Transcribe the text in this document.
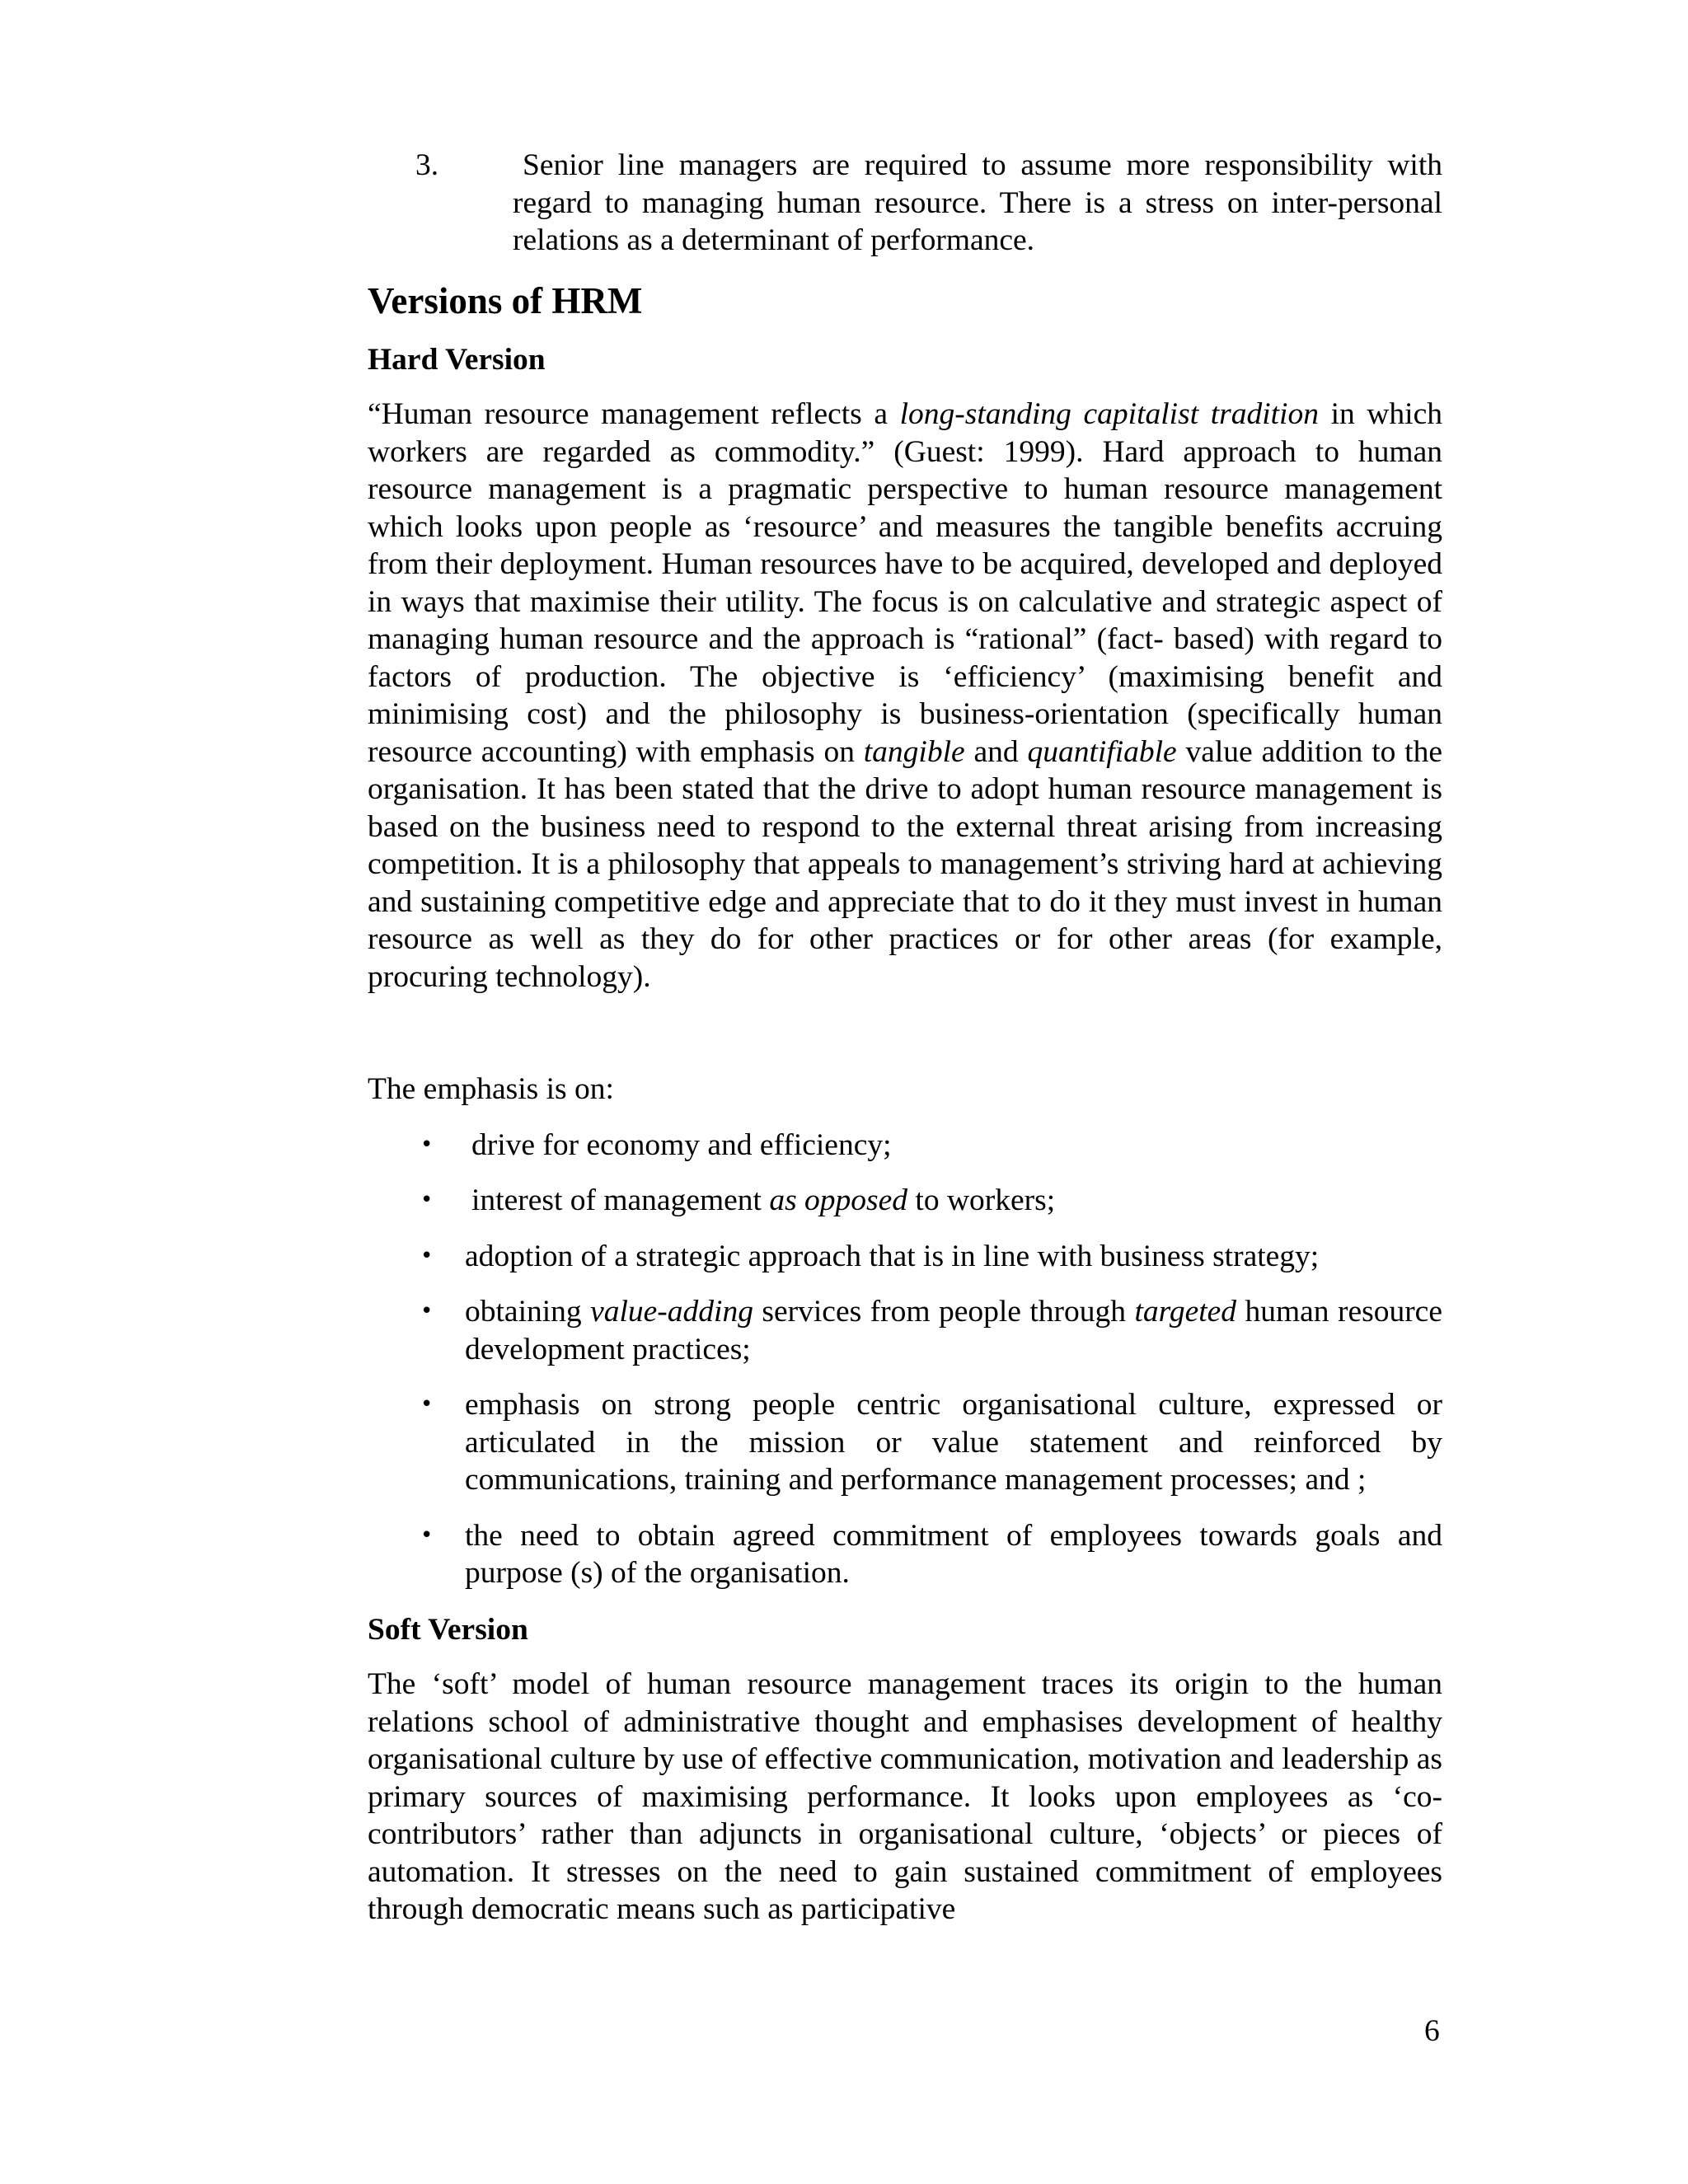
3.	Senior line managers are required to assume more responsibility with regard to managing human resource. There is a stress on inter-personal relations as a determinant of performance.

Versions of HRM
Hard Version

“Human resource management reflects a long-standing capitalist tradition in which workers are regarded as commodity.” (Guest: 1999). Hard approach to human resource management is a pragmatic perspective to human resource management which looks upon people as ‘resource’ and measures the tangible benefits accruing from their deployment. Human resources have to be acquired, developed and deployed in ways that maximise their utility. The focus is on calculative and strategic aspect of managing human resource and the approach is “rational” (fact- based) with regard to factors of production. The objective is ‘efficiency’ (maximising benefit and minimising cost) and the philosophy is business-orientation (specifically human resource accounting) with emphasis on tangible and quantifiable value addition to the organisation. It has been stated that the drive to adopt human resource management is based on the business need to respond to the external threat arising from increasing competition. It is a philosophy that appeals to management’s striving hard at achieving and sustaining competitive edge and appreciate that to do it they must invest in human resource as well as they do for other practices or for other areas (for example, procuring technology).

The emphasis is on:

• drive for economy and efficiency;
• interest of management as opposed to workers;
• adoption of a strategic approach that is in line with business strategy;
• obtaining value-adding services from people through targeted human resource development practices;
• emphasis on strong people centric organisational culture, expressed or articulated in the mission or value statement and reinforced by communications, training and performance management processes; and ;
• the need to obtain agreed commitment of employees towards goals and purpose (s) of the organisation.
Soft Version

The ‘soft’ model of human resource management traces its origin to the human relations school of administrative thought and emphasises development of healthy organisational culture by use of effective communication, motivation and leadership as primary sources of maximising performance. It looks upon employees as ‘co-contributors’ rather than adjuncts in organisational culture, ‘objects’ or pieces of automation. It stresses on the need to gain sustained commitment of employees through democratic means such as participative

6
